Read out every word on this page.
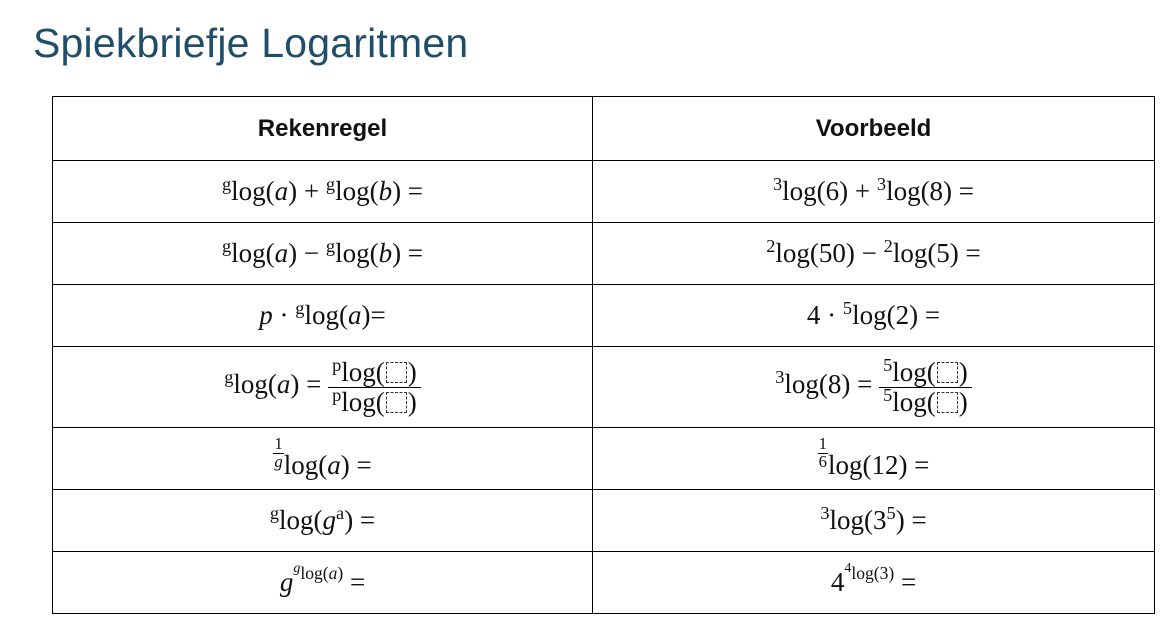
Spiekbriefje Logaritmen
Rekenregel	Voorbeeld
$^g$log(a) + $^g$log(b) =	$^3$log(6) + $^3$log(8) =
$^g$log(a) − $^g$log(b) =	$^2$log(50) − $^2$log(5) =
p · $^g$log(a)=	4 · $^5$log(2) =
$^g\log(a) = \frac{^p\log( )}{^p\log( )}$	$^3\log(8) = \frac{^5\log( )}{^5\log( )}$

$\frac{1}{g} \log(a)$ =	$\frac{1}{6} \log(12)$ =
$^g\log(g^a)$ =	$^3\log(3^5)$ =
$g^{^glog(a)}$ =	$4^{^4log(3)}$ =
